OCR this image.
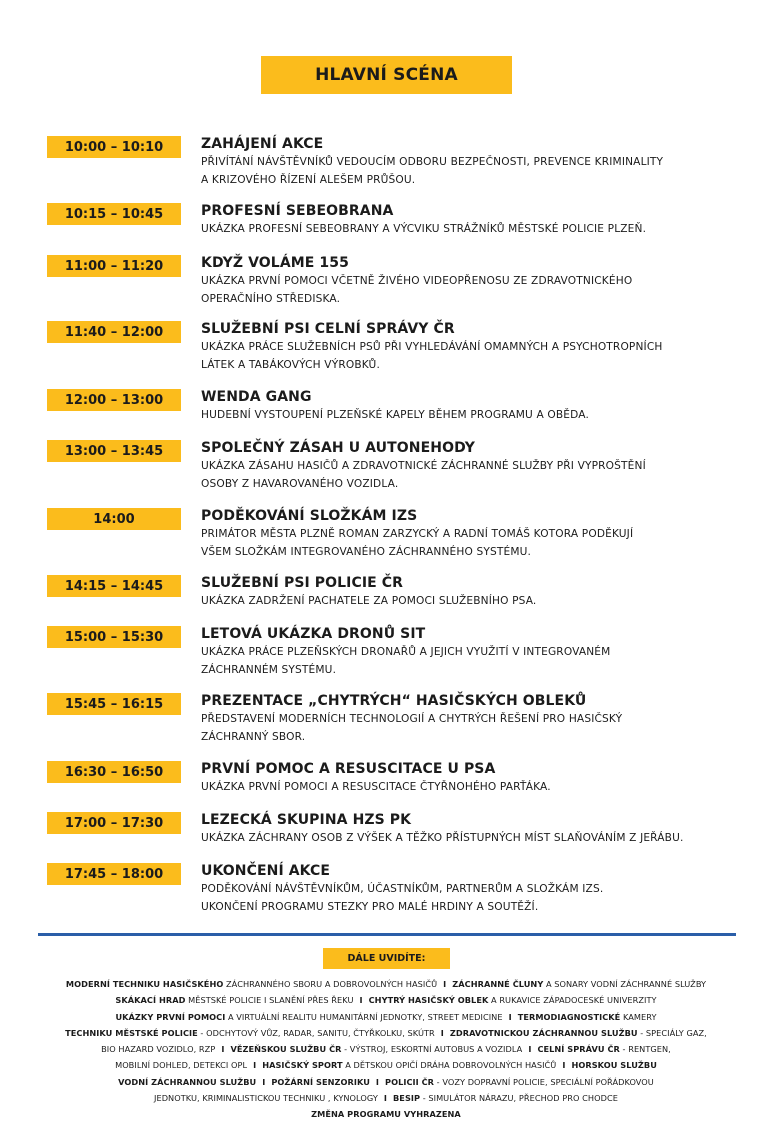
HLAVNÍ SCÉNA
10:00 – 10:10	ZAHÁJENÍ AKCE
PŘIVÍTÁNÍ NÁVŠTĚVNÍKŮ VEDOUCÍM ODBORU BEZPEČNOSTI, PREVENCE KRIMINALITY
A KRIZOVÉHO ŘÍZENÍ ALEŠEM PRŮŠOU.
10:15 – 10:45	PROFESNÍ SEBEOBRANA
UKÁZKA PROFESNÍ SEBEOBRANY A VÝCVIKU STRÁŽNÍKŮ MĚSTSKÉ POLICIE PLZEŇ.
11:00 – 11:20	KDYŽ VOLÁME 155
UKÁZKA PRVNÍ POMOCI VČETNĚ ŽIVÉHO VIDEOPŘENOSU ZE ZDRAVOTNICKÉHO
OPERAČNÍHO STŘEDISKA.
11:40 – 12:00	SLUŽEBNÍ PSI CELNÍ SPRÁVY ČR
UKÁZKA PRÁCE SLUŽEBNÍCH PSŮ PŘI VYHLEDÁVÁNÍ OMAMNÝCH A PSYCHOTROPNÍCH
LÁTEK A TABÁKOVÝCH VÝROBKŮ.
12:00 – 13:00	WENDA GANG
HUDEBNÍ VYSTOUPENÍ PLZEŇSKÉ KAPELY BĚHEM PROGRAMU A OBĚDA.
13:00 – 13:45	SPOLEČNÝ ZÁSAH U AUTONEHODY
UKÁZKA ZÁSAHU HASIČŮ A ZDRAVOTNICKÉ ZÁCHRANNÉ SLUŽBY PŘI VYPROŠTĚNÍ
OSOBY Z HAVAROVANÉHO VOZIDLA.
14:00	PODĚKOVÁNÍ SLOŽKÁM IZS
PRIMÁTOR MĚSTA PLZNĚ ROMAN ZARZYCKÝ A RADNÍ TOMÁŠ KOTORA PODĚKUJÍ
VŠEM SLOŽKÁM INTEGROVANÉHO ZÁCHRANNÉHO SYSTÉMU.
14:15 – 14:45	SLUŽEBNÍ PSI POLICIE ČR
UKÁZKA ZADRŽENÍ PACHATELE ZA POMOCI SLUŽEBNÍHO PSA.
15:00 – 15:30	LETOVÁ UKÁZKA DRONŮ SIT
UKÁZKA PRÁCE PLZEŇSKÝCH DRONAŘŮ A JEJICH VYUŽITÍ V INTEGROVANÉM
ZÁCHRANNÉM SYSTÉMU.
15:45 – 16:15	PREZENTACE „CHYTRÝCH“ HASIČSKÝCH OBLEKŮ
PŘEDSTAVENÍ MODERNÍCH TECHNOLOGIÍ A CHYTRÝCH ŘEŠENÍ PRO HASIČSKÝ
ZÁCHRANNÝ SBOR.
16:30 – 16:50	PRVNÍ POMOC A RESUSCITACE U PSA
UKÁZKA PRVNÍ POMOCI A RESUSCITACE ČTYŘNOHÉHO PARŤÁKA.
17:00 – 17:30	LEZECKÁ SKUPINA HZS PK
UKÁZKA ZÁCHRANY OSOB Z VÝŠEK A TĚŽKO PŘÍSTUPNÝCH MÍST SLAŇOVÁNÍM Z JEŘÁBU.
17:45 – 18:00	UKONČENÍ AKCE
PODĚKOVÁNÍ NÁVŠTĚVNÍKŮM, ÚČASTNÍKŮM, PARTNERŮM A SLOŽKÁM IZS.
UKONČENÍ PROGRAMU STEZKY PRO MALÉ HRDINY A SOUTĚŽÍ.
DÁLE UVIDÍTE:
MODERNÍ TECHNIKU HASIČSKÉHO ZÁCHRANNÉHO SBORU A DOBROVOLNÝCH HASIČŮ I ZÁCHRANNÉ ČLUNY A SONARY VODNÍ ZÁCHRANNÉ SLUŽBY
SKÁKACÍ HRAD MĚSTSKÉ POLICIE I SLANĚNÍ PŘES ŘEKU I CHYTRÝ HASIČSKÝ OBLEK A RUKAVICE ZÁPADOCESKÉ UNIVERZITY
UKÁZKY PRVNÍ POMOCI A VIRTUÁLNÍ REALITU HUMANITÁRNÍ JEDNOTKY, STREET MEDICINE I TERMODIAGNOSTICKÉ KAMERY
TECHNIKU MĚSTSKÉ POLICIE - ODCHYTOVÝ VŮZ, RADAR, SANITU, ČTYŘKOLKU, SKÚTR I ZDRAVOTNICKOU ZÁCHRANNOU SLUŽBU - SPECIÁLY GAZ,
BIO HAZARD VOZIDLO, RZP I VĚZEŇSKOU SLUŽBU ČR - VÝSTROJ, ESKORTNÍ AUTOBUS A VOZIDLA I CELNÍ SPRÁVU ČR - RENTGEN,
MOBILNÍ DOHLED, DETEKCI OPL I HASIČSKÝ SPORT A DĚTSKOU OPIČÍ DRÁHA DOBROVOLNÝCH HASIČŮ I HORSKOU SLUŽBU
VODNÍ ZÁCHRANNOU SLUŽBU I POŽÁRNÍ SENZORIKU I POLICII ČR - VOZY DOPRAVNÍ POLICIE, SPECIÁLNÍ POŘÁDKOVOU
JEDNOTKU, KRIMINALISTICKOU TECHNIKU , KYNOLOGY I BESIP - SIMULÁTOR NÁRAZU, PŘECHOD PRO CHODCE
ZMĚNA PROGRAMU VYHRAZENA
